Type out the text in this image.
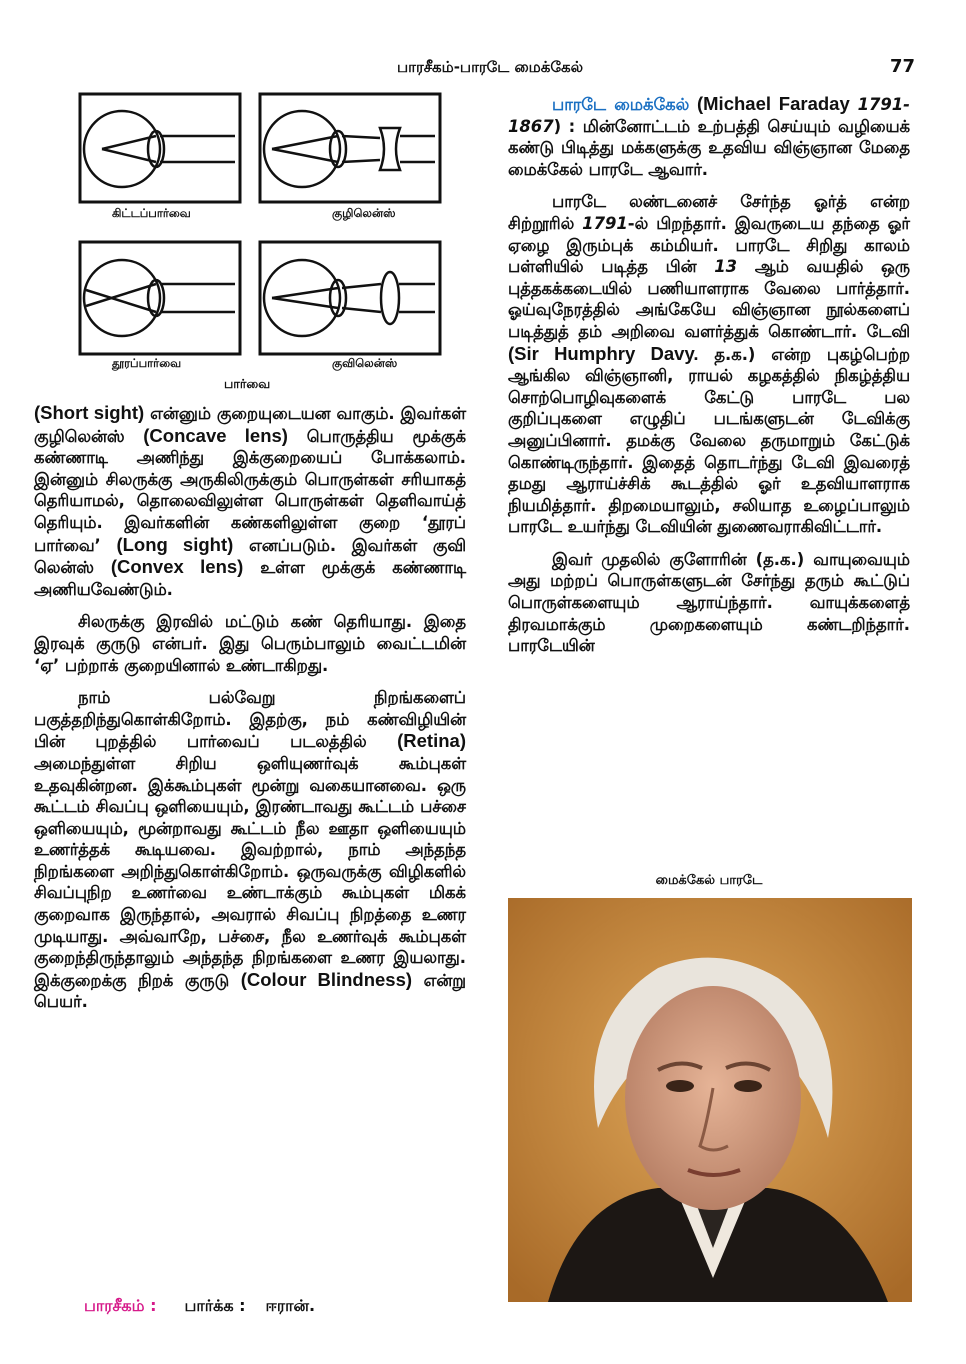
பாரசீகம்-பாரடே மைக்கேல்	77
கிட்டப்பார்வை	குழிலென்ஸ்
தூரப்பார்வை	குவிலென்ஸ்
பார்வை

(Short sight) என்னும் குறையுடையன வாகும். இவர்கள் குழிலென்ஸ் (Concave lens) பொருத்திய மூக்குக் கண்ணாடி அணிந்து இக்குறையைப் போக்கலாம். இன்னும் சிலருக்கு அருகிலிருக்கும் பொருள்கள் சரியாகத் தெரியாமல், தொலைவிலுள்ள பொருள்கள் தெளிவாய்த் தெரியும். இவர்களின் கண்களிலுள்ள குறை ‘தூரப் பார்வை’ (Long sight) எனப்படும். இவர்கள் குவி லென்ஸ் (Convex lens) உள்ள மூக்குக் கண்ணாடி அணியவேண்டும்.

சிலருக்கு இரவில் மட்டும் கண் தெரியாது. இதை இரவுக் குருடு என்பர். இது பெரும்பாலும் வைட்டமின் ‘ஏ’ பற்றாக் குறையினால் உண்டாகிறது.

நாம் பல்வேறு நிறங்களைப் பகுத்தறிந்துகொள்கிறோம். இதற்கு, நம் கண்விழியின் பின் புறத்தில் பார்வைப் படலத்தில் (Retina) அமைந்துள்ள சிறிய ஒளியுணர்வுக் கூம்புகள் உதவுகின்றன. இக்கூம்புகள் மூன்று வகையானவை. ஒரு கூட்டம் சிவப்பு ஒளியையும், இரண்டாவது கூட்டம் பச்சை ஒளியையும், மூன்றாவது கூட்டம் நீல ஊதா ஒளியையும் உணர்த்தக் கூடியவை. இவற்றால், நாம் அந்தந்த நிறங்களை அறிந்துகொள்கிறோம். ஒருவருக்கு விழிகளில் சிவப்புநிற உணர்வை உண்டாக்கும் கூம்புகள் மிகக் குறைவாக இருந்தால், அவரால் சிவப்பு நிறத்தை உணர முடியாது. அவ்வாறே, பச்சை, நீல உணர்வுக் கூம்புகள் குறைந்திருந்தாலும் அந்தந்த நிறங்களை உணர இயலாது. இக்குறைக்கு நிறக் குருடு (Colour Blindness) என்று பெயர்.

பாரசீகம் : பார்க்க : ஈரான்.

பாரடே மைக்கேல் (Michael Faraday 1791-1867) : மின்னோட்டம் உற்பத்தி செய்யும் வழியைக் கண்டு பிடித்து மக்களுக்கு உதவிய விஞ்ஞான மேதை மைக்கேல் பாரடே ஆவார்.

பாரடே லண்டனைச் சேர்ந்த ஓர்த் என்ற சிற்றூரில் 1791-ல் பிறந்தார். இவருடைய தந்தை ஓர் ஏழை இரும்புக் கம்மியர். பாரடே சிறிது காலம் பள்ளியில் படித்த பின் 13 ஆம் வயதில் ஒரு புத்தகக்கடையில் பணியாளராக வேலை பார்த்தார். ஓய்வுநேரத்தில் அங்கேயே விஞ்ஞான நூல்களைப் படித்துத் தம் அறிவை வளர்த்துக் கொண்டார். டேவி (Sir Humphry Davy. த.க.) என்ற புகழ்பெற்ற ஆங்கில விஞ்ஞானி, ராயல் கழகத்தில் நிகழ்த்திய சொற்பொழிவுகளைக் கேட்டு பாரடே பல குறிப்புகளை எழுதிப் படங்களுடன் டேவிக்கு அனுப்பினார். தமக்கு வேலை தருமாறும் கேட்டுக் கொண்டிருந்தார். இதைத் தொடர்ந்து டேவி இவரைத் தமது ஆராய்ச்சிக் கூடத்தில் ஓர் உதவியாளராக நியமித்தார். திறமையாலும், சலியாத உழைப்பாலும் பாரடே உயர்ந்து டேவியின் துணைவராகிவிட்டார்.

இவர் முதலில் குளோரின் (த.க.) வாயுவையும் அது மற்றப் பொருள்களுடன் சேர்ந்து தரும் கூட்டுப் பொருள்களையும் ஆராய்ந்தார். வாயுக்களைத் திரவமாக்கும் முறைகளையும் கண்டறிந்தார். பாரடேயின்

மைக்கேல் பாரடே
